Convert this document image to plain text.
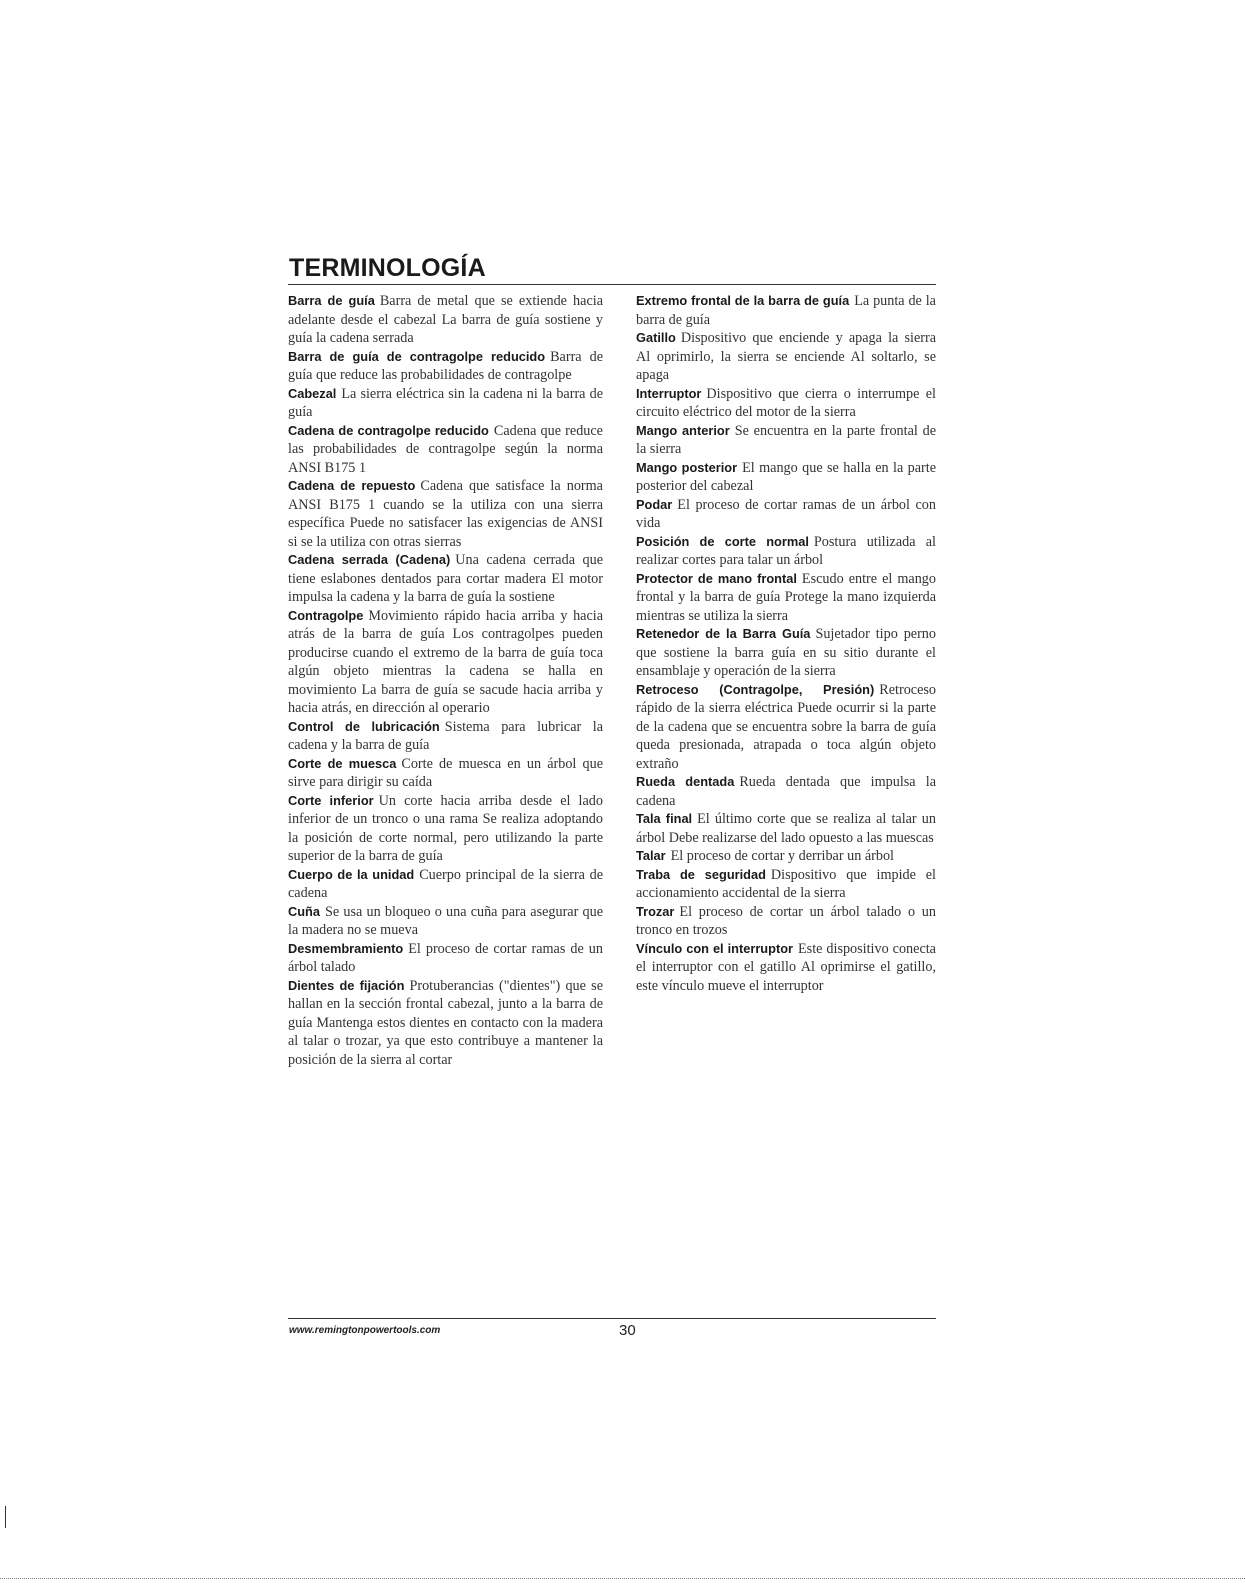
TERMINOLOGÍA

Barra de guía Barra de metal que se extiende hacia adelante desde el cabezal La barra de guía sostiene y guía la cadena serrada

Barra de guía de contragolpe reducido Barra de guía que reduce las probabilidades de contragolpe

Cabezal La sierra eléctrica sin la cadena ni la barra de guía

Cadena de contragolpe reducido Cadena que reduce las probabilidades de contragolpe según la norma ANSI B175 1

Cadena de repuesto Cadena que satisface la norma ANSI B175 1 cuando se la utiliza con una sierra específica Puede no satisfacer las exigencias de ANSI si se la utiliza con otras sierras

Cadena serrada (Cadena) Una cadena cerrada que tiene eslabones dentados para cortar madera El motor impulsa la cadena y la barra de guía la sostiene

Contragolpe Movimiento rápido hacia arriba y hacia atrás de la barra de guía Los contragolpes pueden producirse cuando el extremo de la barra de guía toca algún objeto mientras la cadena se halla en movimiento La barra de guía se sacude hacia arriba y hacia atrás, en dirección al operario

Control de lubricación Sistema para lubricar la cadena y la barra de guía

Corte de muesca Corte de muesca en un árbol que sirve para dirigir su caída

Corte inferior Un corte hacia arriba desde el lado inferior de un tronco o una rama Se realiza adoptando la posición de corte normal, pero utilizando la parte superior de la barra de guía

Cuerpo de la unidad Cuerpo principal de la sierra de cadena

Cuña Se usa un bloqueo o una cuña para asegurar que la madera no se mueva

Desmembramiento El proceso de cortar ramas de un árbol talado

Dientes de fijación Protuberancias ("dientes") que se hallan en la sección frontal cabezal, junto a la barra de guía Mantenga estos dientes en contacto con la madera al talar o trozar, ya que esto contribuye a mantener la posición de la sierra al cortar

Extremo frontal de la barra de guía La punta de la barra de guía

Gatillo Dispositivo que enciende y apaga la sierra Al oprimirlo, la sierra se enciende Al soltarlo, se apaga

Interruptor Dispositivo que cierra o interrumpe el circuito eléctrico del motor de la sierra

Mango anterior Se encuentra en la parte frontal de la sierra

Mango posterior El mango que se halla en la parte posterior del cabezal

Podar El proceso de cortar ramas de un árbol con vida

Posición de corte normal Postura utilizada al realizar cortes para talar un árbol

Protector de mano frontal Escudo entre el mango frontal y la barra de guía Protege la mano izquierda mientras se utiliza la sierra

Retenedor de la Barra Guía Sujetador tipo perno que sostiene la barra guía en su sitio durante el ensamblaje y operación de la sierra

Retroceso (Contragolpe, Presión) Retroceso rápido de la sierra eléctrica Puede ocurrir si la parte de la cadena que se encuentra sobre la barra de guía queda presionada, atrapada o toca algún objeto extraño

Rueda dentada Rueda dentada que impulsa la cadena

Tala final El último corte que se realiza al talar un árbol Debe realizarse del lado opuesto a las muescas

Talar El proceso de cortar y derribar un árbol

Traba de seguridad Dispositivo que impide el accionamiento accidental de la sierra

Trozar El proceso de cortar un árbol talado o un tronco en trozos

Vínculo con el interruptor Este dispositivo conecta el interruptor con el gatillo Al oprimirse el gatillo, este vínculo mueve el interruptor

www.remingtonpowertools.com	30
